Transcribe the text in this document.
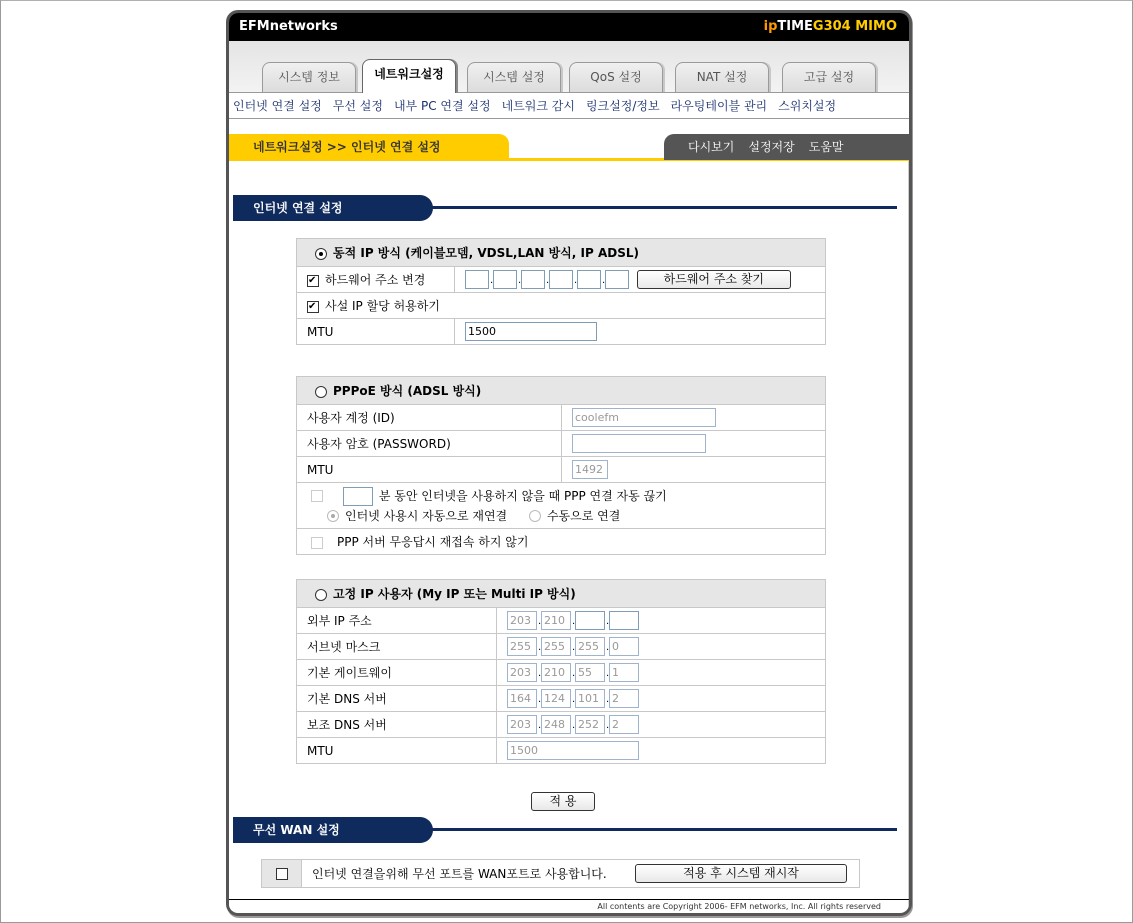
EFMnetworks	ipTIMEG304 MIMO
시스템 정보	네트워크설정	시스템 설정	QoS 설정	NAT 설정	고급 설정
인터넷 연결 설정 무선 설정 내부 PC 연결 설정 네트워크 감시 링크설정/정보 라우팅테이블 관리 스위치설정
네트워크설정 >> 인터넷 연결 설정	다시보기 설정저장 도움말
인터넷 연결 설정
동적 IP 방식 (케이블모뎀, VDSL,LAN 방식, IP ADSL)	
✔하드웨어 주소 변경	. . . . . 하드웨어 주소 찾기
✔사설 IP 할당 허용하기
MTU	1500
PPPoE 방식 (ADSL 방식)	
사용자 계정 (ID)	coolefm
사용자 암호 (PASSWORD)	
MTU	1492

분 동안 인터넷을 사용하지 않을 때 PPP 연결 자동 끊기
인터넷 사용시 자동으로 재연결 수동으로 연결	

PPP 서버 무응답시 재접속 하지 않기	
고정 IP 사용자 (My IP 또는 Multi IP 방식)	
외부 IP 주소	203 . 210 . .
서브넷 마스크	255 . 255 . 255 . 0
기본 게이트웨이	203 . 210 . 55 . 1
기본 DNS 서버	164 . 124 . 101 . 2
보조 DNS 서버	203 . 248 . 252 . 2
MTU	1500
적 용
무선 WAN 설정
	인터넷 연결을위해 무선 포트를 WAN포트로 사용합니다.	적용 후 시스템 재시작
All contents are Copyright 2006- EFM networks, Inc. All rights reserved
